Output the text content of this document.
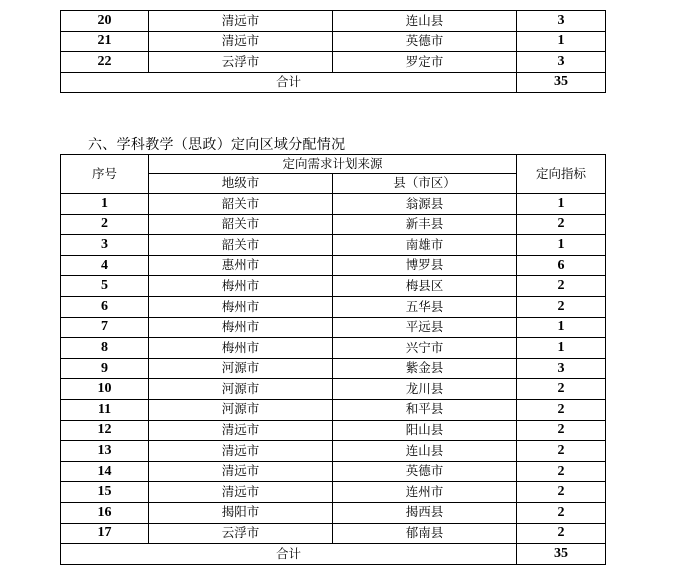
20	清远市	连山县	3
21	清远市	英德市	1
22	云浮市	罗定市	3
合计			35
六、学科教学（思政）定向区域分配情况
序号	定向需求计划来源		定向指标
	地级市	县（市区）	
1	韶关市	翁源县	1
2	韶关市	新丰县	2
3	韶关市	南雄市	1
4	惠州市	博罗县	6
5	梅州市	梅县区	2
6	梅州市	五华县	2
7	梅州市	平远县	1
8	梅州市	兴宁市	1
9	河源市	紫金县	3
10	河源市	龙川县	2
11	河源市	和平县	2
12	清远市	阳山县	2
13	清远市	连山县	2
14	清远市	英德市	2
15	清远市	连州市	2
16	揭阳市	揭西县	2
17	云浮市	郁南县	2
合计			35
